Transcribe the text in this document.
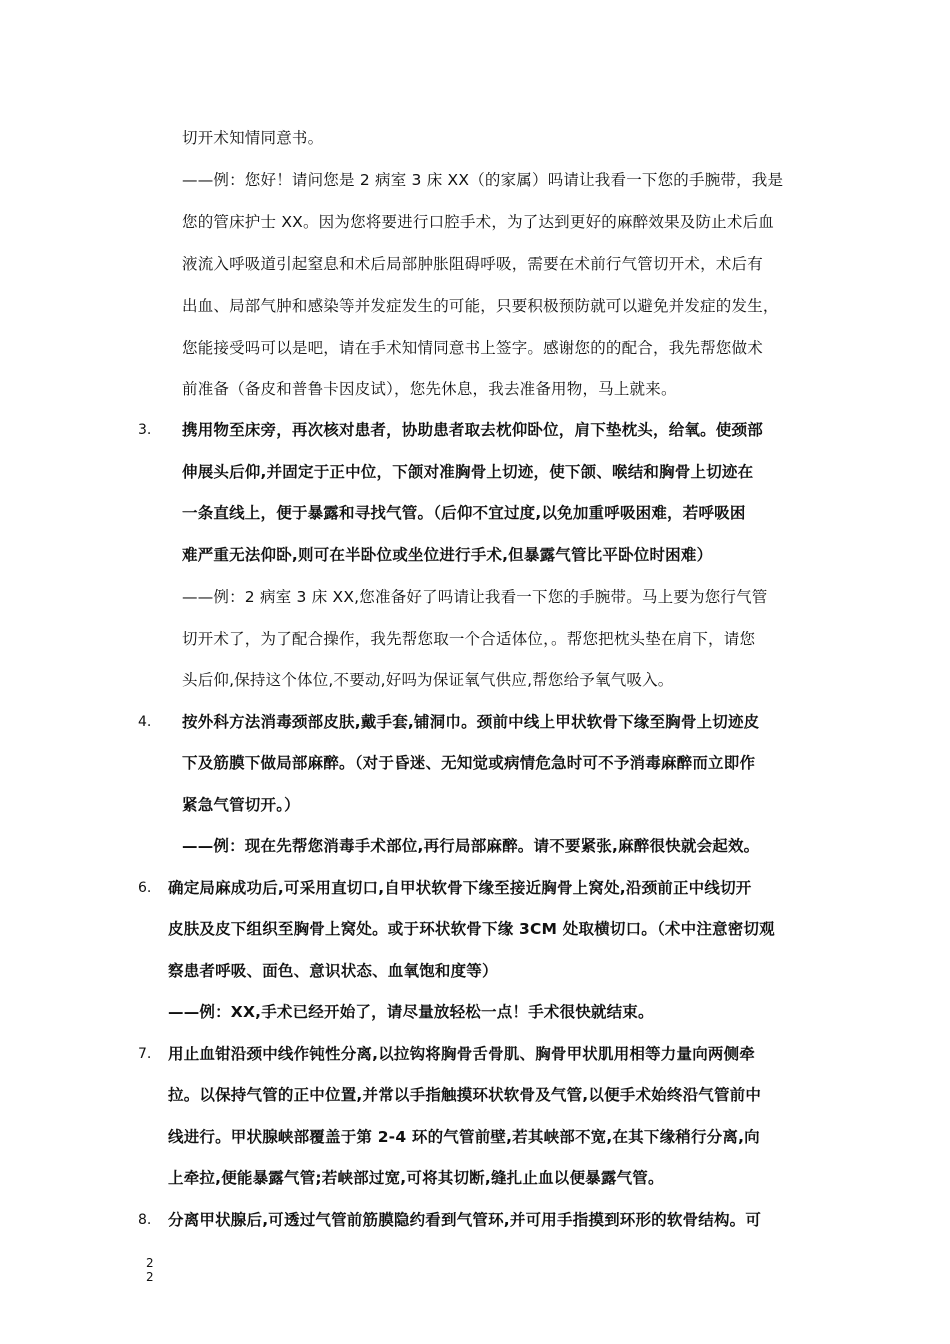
切开术知情同意书。
——例：您好！请问您是 2 病室 3 床 XX（的家属）吗请让我看一下您的手腕带，我是
您的管床护士 XX。因为您将要进行口腔手术，为了达到更好的麻醉效果及防止术后血
液流入呼吸道引起窒息和术后局部肿胀阻碍呼吸，需要在术前行气管切开术，术后有
出血、局部气肿和感染等并发症发生的可能，只要积极预防就可以避免并发症的发生，
您能接受吗可以是吧，请在手术知情同意书上签字。感谢您的的配合，我先帮您做术
前准备（备皮和普鲁卡因皮试），您先休息，我去准备用物，马上就来。
3. 携用物至床旁，再次核对患者，协助患者取去枕仰卧位，肩下垫枕头，给氧。使颈部
伸展头后仰,并固定于正中位，下颌对准胸骨上切迹，使下颌、喉结和胸骨上切迹在
一条直线上，便于暴露和寻找气管。（后仰不宜过度,以免加重呼吸困难，若呼吸困
难严重无法仰卧,则可在半卧位或坐位进行手术,但暴露气管比平卧位时困难）
——例：2 病室 3 床 XX,您准备好了吗请让我看一下您的手腕带。马上要为您行气管
切开术了，为了配合操作，我先帮您取一个合适体位，。帮您把枕头垫在肩下，请您
头后仰,保持这个体位,不要动,好吗为保证氧气供应,帮您给予氧气吸入。
4. 按外科方法消毒颈部皮肤,戴手套,铺洞巾。颈前中线上甲状软骨下缘至胸骨上切迹皮
下及筋膜下做局部麻醉。（对于昏迷、无知觉或病情危急时可不予消毒麻醉而立即作
紧急气管切开。）
——例：现在先帮您消毒手术部位,再行局部麻醉。请不要紧张,麻醉很快就会起效。
6. 确定局麻成功后,可采用直切口,自甲状软骨下缘至接近胸骨上窝处,沿颈前正中线切开
皮肤及皮下组织至胸骨上窝处。或于环状软骨下缘 3CM 处取横切口。（术中注意密切观
察患者呼吸、面色、意识状态、血氧饱和度等）
——例：XX,手术已经开始了，请尽量放轻松一点！手术很快就结束。
7. 用止血钳沿颈中线作钝性分离,以拉钩将胸骨舌骨肌、胸骨甲状肌用相等力量向两侧牵
拉。以保持气管的正中位置,并常以手指触摸环状软骨及气管,以便手术始终沿气管前中
线进行。甲状腺峡部覆盖于第 2-4 环的气管前壁,若其峡部不宽,在其下缘稍行分离,向
上牵拉,便能暴露气管;若峡部过宽,可将其切断,缝扎止血以便暴露气管。
8. 分离甲状腺后,可透过气管前筋膜隐约看到气管环,并可用手指摸到环形的软骨结构。可
2
2
